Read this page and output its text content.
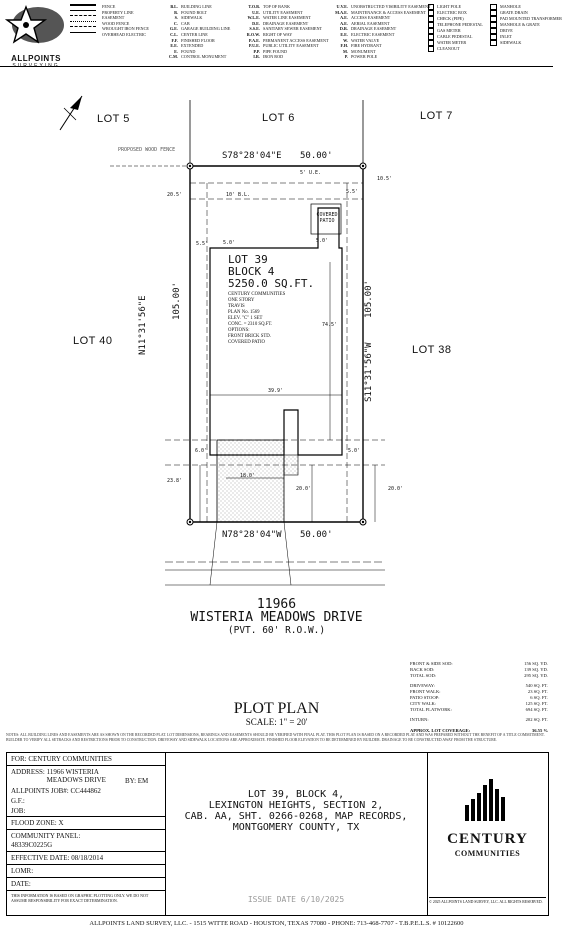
ALLPOINTS
SURVEYING
FENCE
PROPERTY LINE
EASEMENT
WOOD FENCE
WROUGHT IRON FENCE
OVERHEAD ELECTRIC
B.L. BUILDING LINE
B. FOUND BOLT
S. SIDEWALK
C. CAB
G.E. GARAGE BUILDING LINE
C.L. CENTER LINE
F.F. FINISHED FLOOR
E.E. EXTENDED
E. FOUND
C.M. CONTROL MONUMENT
T.O.B. TOP OF BANK
U.E. UTILITY EASEMENT
W.L.E. WATER LINE EASEMENT
D.E. DRAINAGE EASEMENT
S.S.E. SANITARY SEWER EASEMENT
R.O.W. RIGHT OF WAY
P.A.E. PERMANENT ACCESS EASEMENT
P.U.E. PUBLIC UTILITY EASEMENT
P.P. PIPE FOUND
I.R. IRON ROD
U.V.E. UNOBSTRUCTED VISIBILITY EASEMENT
M.A.E. MAINTENANCE & ACCESS EASEMENT
A.E. ACCESS EASEMENT
A.E. AERIAL EASEMENT
D.R. DRAINAGE EASEMENT
E.E. ELECTRIC EASEMENT
W. WATER VALVE
F.H. FIRE HYDRANT
M. MONUMENT
P. POWER POLE
LIGHT POLE
ELECTRIC BOX
CHECK (PIPE)
TELEPHONE PEDESTAL
GAS METER
CABLE PEDESTAL
WATER METER
CLEANOUT
MANHOLE
GRATE DRAIN
PAD MOUNTED TRANSFORMER
MANHOLE & GRATE
DRIVE
INLET
SIDEWALK
LOT 5	LOT 6	LOT 7
LOT 40
LOT 38
S78°28'04"E 50.00'
N78°28'04"W 50.00'
N11°31'56"E	105.00'
S11°31'56"W
105.00'
PROPOSED WOOD FENCE
5' U.E.
10' B.L.
COVERED PATIO
20.5'
10.5'
5.5'
5.5'	5.0'	5.0'
74.5'
39.9'
6.0'	5.0'
23.8'
20.0'	20.0'
18.0'
LOT 39
BLOCK 4
5250.0 SQ.FT.
CENTURY COMMUNITIES
ONE STORY
TRAVIS
PLAN No. 1569
ELEV. "C" 1 SET
CONC. = 2310 SQ.FT.
OPTIONS:
FRONT BRICK STD.
COVERED PATIO
11966
WISTERIA MEADOWS DRIVE
(PVT. 60' R.O.W.)
FRONT & SIDE SOD:	156 SQ. YD.
BACK SOD:	139 SQ. YD.
TOTAL SOD:	295 SQ. YD.
DRIVEWAY:	540 SQ. FT.
FRONT WALK:	23 SQ. FT.
PATIO STOOP:	6 SQ. FT.
CITY WALK:	125 SQ. FT.
TOTAL FLATWORK:	694 SQ. FT.
INTURN:	202 SQ. FT.
APPROX. LOT COVERAGE:	36.55 %
PLOT PLAN
SCALE: 1" = 20'
NOTES: ALL BUILDING LINES AND EASEMENTS ARE AS SHOWN ON THE RECORDED PLAT. LOT DIMENSIONS, BEARINGS AND EASEMENTS SHOULD BE VERIFIED WITH FINAL PLAT. THIS PLOT PLAN IS BASED ON A RECORDED PLAT AND WAS PREPARED WITHOUT THE BENEFIT OF A TITLE COMMITMENT. BUILDER TO VERIFY ALL SETBACKS AND RESTRICTIONS PRIOR TO CONSTRUCTION. DRIVEWAY AND SIDEWALK LOCATIONS ARE APPROXIMATE. FINISHED FLOOR ELEVATION TO BE DETERMINED BY BUILDER. DRAINAGE TO BE CONSTRUCTED AWAY FROM THE STRUCTURE.
FOR: CENTURY COMMUNITIES
ADDRESS: 11966 WISTERIA MEADOWS DRIVE	BY: EM
ALLPOINTS JOB#: CC444862
G.F.:
JOB:
FLOOD ZONE: X
COMMUNITY PANEL:
48339C0225G
EFFECTIVE DATE: 08/18/2014
LOMR:
DATE:
THIS INFORMATION IS BASED ON GRAPHIC PLOTTING ONLY. WE DO NOT ASSUME RESPONSIBILITY FOR EXACT DETERMINATION.
LOT 39, BLOCK 4,
LEXINGTON HEIGHTS, SECTION 2,
CAB. AA, SHT. 0266-0268, MAP RECORDS,
MONTGOMERY COUNTY, TX
ISSUE DATE 6/10/2025
CENTURY
COMMUNITIES
© 2025 ALLPOINTS LAND SURVEY, LLC. ALL RIGHTS RESERVED.
ALLPOINTS LAND SURVEY, LLC. - 1515 WITTE ROAD - HOUSTON, TEXAS 77080 - PHONE: 713-468-7707 - T.B.P.E.L.S. # 10122600
